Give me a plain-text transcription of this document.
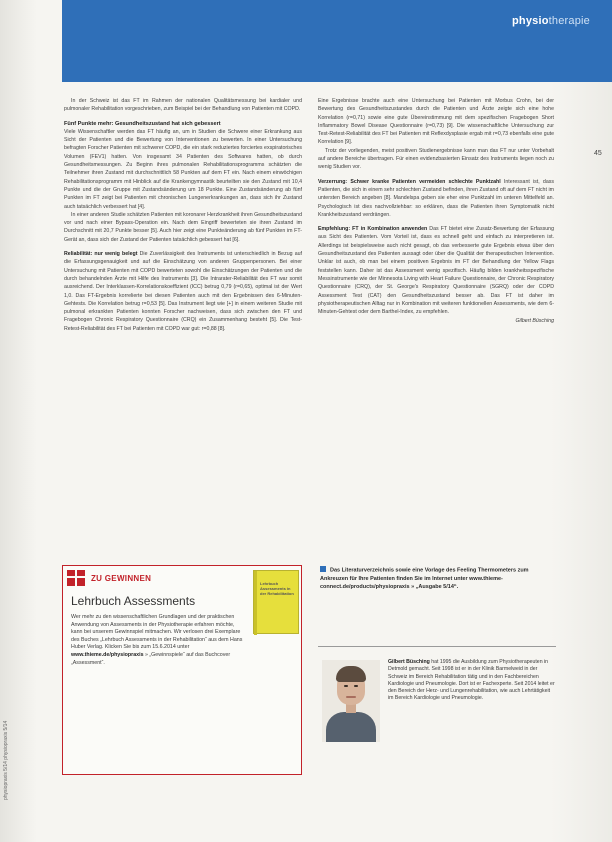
physiotherapie
45
physiopraxis 5/14 physiopraxis 5/14

In der Schweiz ist das FT im Rahmen der nationalen Qualitätsmessung bei kardialer und pulmonaler Rehabilitation vorgeschrieben, zum Beispiel bei der Behandlung von Patienten mit COPD.

Fünf Punkte mehr: Gesundheitszustand hat sich gebessert

Viele Wissenschaftler werden das FT häufig an, um in Studien die Schwere einer Erkrankung aus Sicht der Patienten und die Bewertung von Interventionen zu bewerten. In einer Untersuchung befragten Forscher Patienten mit schwerer COPD, die ein stark reduziertes forciertes exspiratorisches Volumen (FEV1) hatten. Von insgesamt 34 Patienten des Softwares hatten, ob durch Gesundheitsmessungen. Zu Beginn ihres pulmonalen Rehabilitationsprogramms schätzten die Teilnehmer ihren Zustand mit durchschnittlich 58 Punkten auf dem FT ein. Nach einem einwöchigen Rehabilitationsprogramm mit Hinblick auf die Krankengymnastik beurteilten sie den Zustand mit 10,4 Punkte und die der Gruppe mit Zustandsänderung um 18 Punkte. Eine Zustandsänderung ab fünf Punkten im FT zeigt bei Patienten mit chronischen Lungenerkrankungen an, dass sich ihr Zustand auch tatsächlich verbessert hat [4].

In einer anderen Studie schätzten Patienten mit koronarer Herzkrankheit ihren Gesundheitszustand vor und nach einer Bypass-Operation ein. Nach dem Eingriff bewerteten sie ihren Zustand im Durchschnitt mit 20,7 Punkte besser [5]. Auch hier zeigt eine Punkteänderung ab fünf Punkten im FT-Gerät an, dass sich der Zustand der Patienten tatsächlich gebessert hat [6].

Reliabilität: nur wenig belegt Die Zuverlässigkeit des Instruments ist unterschiedlich in Bezug auf die Erfassungsgenauigkeit und auf die Einschätzung von anderen Gruppenpersonen. Bei einer Untersuchung mit Patienten mit COPD bewerteten sowohl die Einschätzungen der Patienten und die durch behandelnden Ärzte mit Hilfe des Instruments [3]. Die Intrarater-Reliabilität des FT war somit ausreichend. Der Interklassen-Korrelationskoeffizient (ICC) betrug 0,79 (r=0,65), optimal ist der Wert 1,0. Das FT-Ergebnis korrelierte bei diesen Patienten auch mit den Ergebnissen des 6-Minuten-Gehtests. Die Korrelation betrug r=0,53 [5]. Das Instrument liegt wie [+] in einem weiteren Studie mit pulmonal erkrankten Patienten konnten Forscher nachweisen, dass sich zwischen den FT und Fragebogen Chronic Respiratory Questionnaire (CRQ) ein Zusammenhang besteht [5]. Die Test-Retest-Reliabilität des FT bei Patienten mit COPD war gut: r=0,88 [8].

Eine Ergebnisse brachte auch eine Untersuchung bei Patienten mit Morbus Crohn, bei der Bewertung des Gesundheitszustandes durch die Patienten und Ärzte zeigte sich eine hohe Korrelation (r=0,71) sowie eine gute Übereinstimmung mit dem spezifischen Fragebogen Short Inflammatory Bowel Disease Questionnaire (r=0,73) [9]. Die wissenschaftliche Untersuchung zur Test-Retest-Reliabilität des FT bei Patienten mit Reflexdysplasie ergab mit r=0,73 ebenfalls eine gute Korrelation [9].

Trotz der vorliegenden, meist positiven Studienergebnisse kann man das FT nur unter Vorbehalt auf andere Bereiche übertragen. Für einen evidenzbasierten Einsatz des Instruments liegen noch zu wenig Studien vor.

Verzerrung: Schwer kranke Patienten vermeiden schlechte Punktzahl Interessant ist, dass Patienten, die sich in einem sehr schlechten Zustand befinden, ihren Zustand oft auf dem FT nicht im untersten Bereich angeben [8]. Mandelspa geben sie eher eine Punktzahl im unteren Mittelfeld an. Psychologisch ist dies nachvollziehbar: so erklären, dass die Patienten ihren Symptomatik nicht Krankheitszustand verdrängen.

Empfehlung: FT in Kombination anwenden Das FT bietet eine Zusatz-Bewertung der Erfassung aus Sicht des Patienten. Vom Vorteil ist, dass es schnell geht und einfach zu interpretieren ist. Allerdings ist beispielsweise auch nicht gesagt, ob das verbesserte gute Ergebnis etwas über den Gesundheitszustand des Patienten aussagt oder über die Qualität der therapeutischen Intervention. Unklar ist auch, ob man bei einem positiven Ergebnis im FT der Behandlung der Yellow Flags feststellen kann. Daher ist das Assessment wenig spezifisch. Häufig bilden krankheitsspezifische Messinstrumente wie der Minnesota Living with Heart Failure Questionnaire, der Chronic Respiratory Questionnaire (CRQ), der St. George's Respiratory Questionnaire (SGRQ) oder der COPD Assessment Test (CAT) den Gesundheitszustand besser ab. Das FT ist daher im physiotherapeutischen Alltag nur in Kombination mit weiteren funktionellen Assessments, wie dem 6-Minuten-Gehtest oder dem Barthel-Index, zu empfehlen.

Gilbert Büsching

ZU GEWINNEN
Lehrbuch Assessments
Wer mehr zu den wissenschaftlichen Grundlagen und der praktischen Anwendung von Assessments in der Physiotherapie erfahren möchte, kann bei unserem Gewinnspiel mitmachen. Wir verlosen drei Exemplare des Buches „Lehrbuch Assessments in der Rehabilitation“ aus dem Hans Huber Verlag. Klicken Sie bis zum 15.6.2014 unter www.thieme.de/physiopraxis » „Gewinnspiele“ auf das Buchcover „Assessment“.
Lehrbuch Assessments in der Rehabilitation
Das Literaturverzeichnis sowie eine Vorlage des Feeling Thermometers zum Ankreuzen für Ihre Patienten finden Sie im Internet unter www.thieme-connect.de/products/physiopraxis » „Ausgabe 5/14“.
Gilbert Büsching hat 1995 die Ausbildung zum Physiotherapeuten in Detmold gemacht. Seit 1998 ist er in der Klinik Barmelweid in der Schweiz im Bereich Rehabilitation tätig und in den Fachbereichen Kardiologie und Pneumologie. Dort ist er Fachexperte. Seit 2014 leitet er den Bereich der Herz- und Lungenrehabilitation, wie auch Lehrtätigkeit im Bereich Kardiologie und Pneumologie.
